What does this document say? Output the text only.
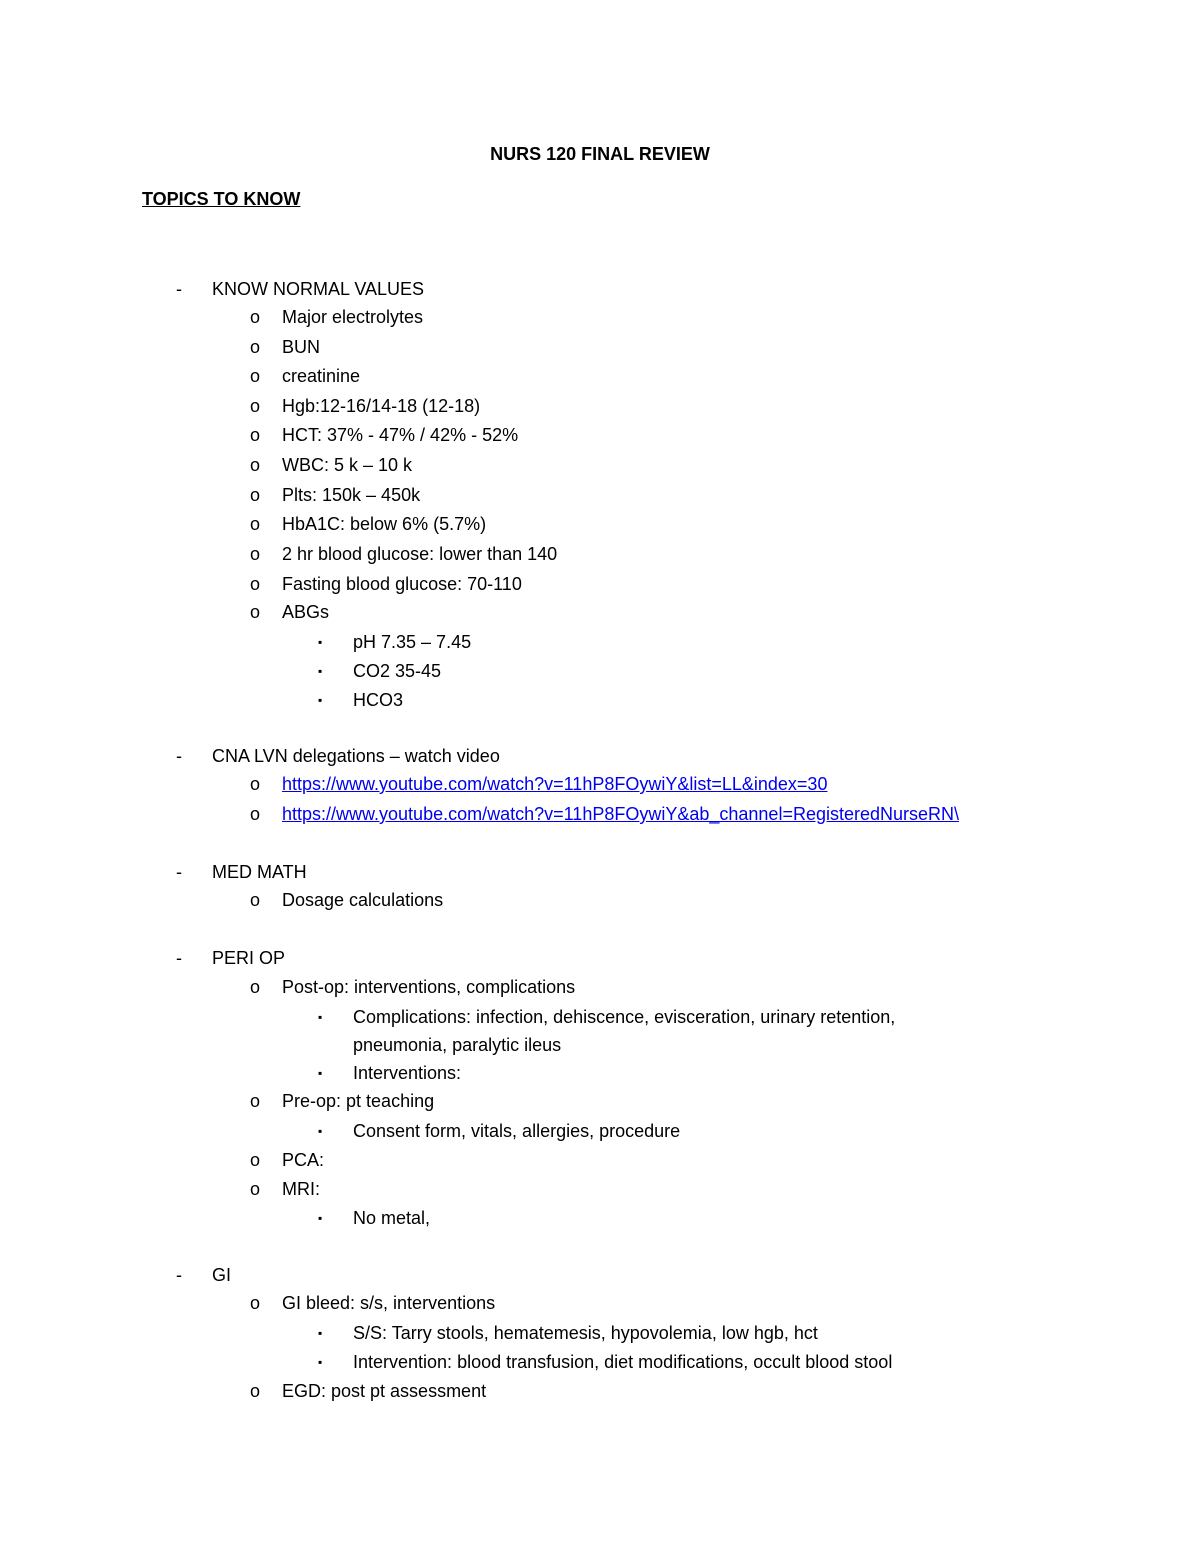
NURS 120 FINAL REVIEW
TOPICS TO KNOW
- KNOW NORMAL VALUES
o Major electrolytes
o BUN
o creatinine
o Hgb:12-16/14-18 (12-18)
o HCT: 37% - 47% / 42% - 52%
o WBC: 5 k – 10 k
o Plts: 150k – 450k
o HbA1C: below 6% (5.7%)
o 2 hr blood glucose: lower than 140
o Fasting blood glucose: 70-110
o ABGs
▪ pH 7.35 – 7.45
▪ CO2 35-45
▪ HCO3
- CNA LVN delegations – watch video
o https://www.youtube.com/watch?v=11hP8FOywiY&list=LL&index=30
o https://www.youtube.com/watch?v=11hP8FOywiY&ab_channel=RegisteredNurseRN\
- MED MATH
o Dosage calculations
- PERI OP
o Post-op: interventions, complications
▪ Complications: infection, dehiscence, evisceration, urinary retention,
pneumonia, paralytic ileus
▪ Interventions:
o Pre-op: pt teaching
▪ Consent form, vitals, allergies, procedure
o PCA:
o MRI:
▪ No metal,
- GI
o GI bleed: s/s, interventions
▪ S/S: Tarry stools, hematemesis, hypovolemia, low hgb, hct
▪ Intervention: blood transfusion, diet modifications, occult blood stool
o EGD: post pt assessment
